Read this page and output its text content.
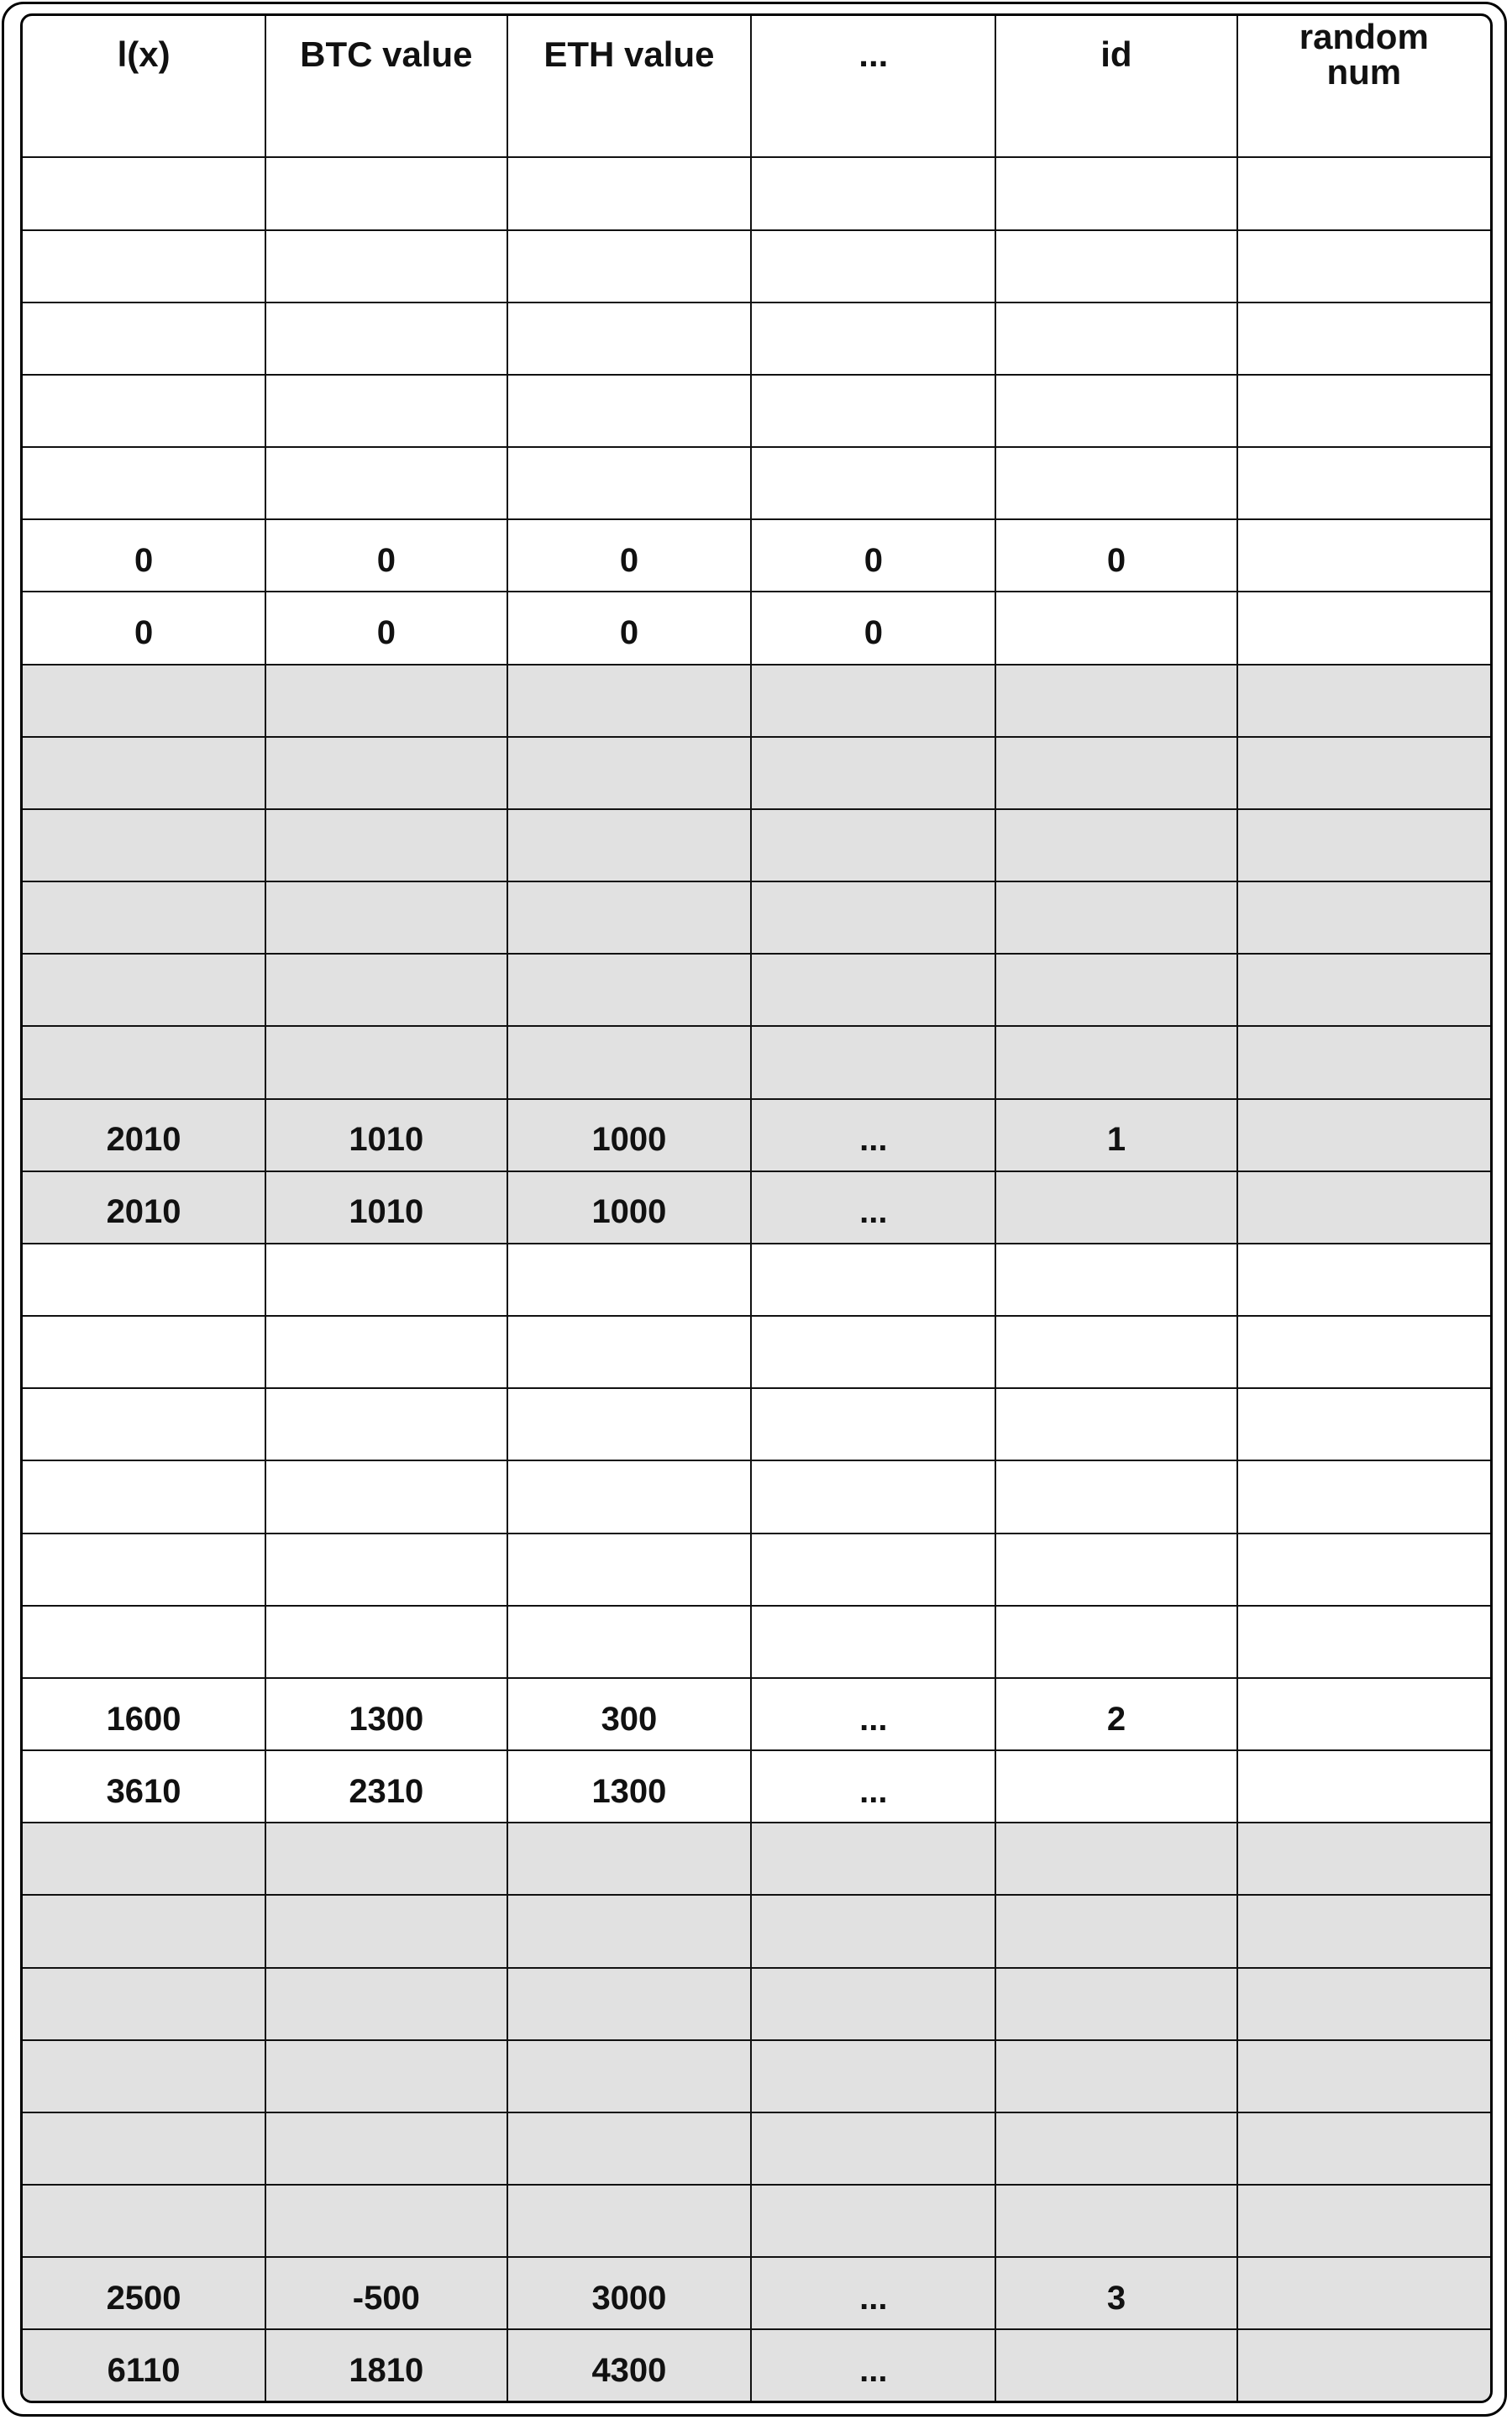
l(x)	BTC value	ETH value	...	id	random num

0	0	0	0	0	
0	0	0	0		

2010	1010	1000	...	1	
2010	1010	1000	...		

1600	1300	300	...	2	
3610	2310	1300	...		

2500	-500	3000	...	3	
6110	1810	4300	...		
